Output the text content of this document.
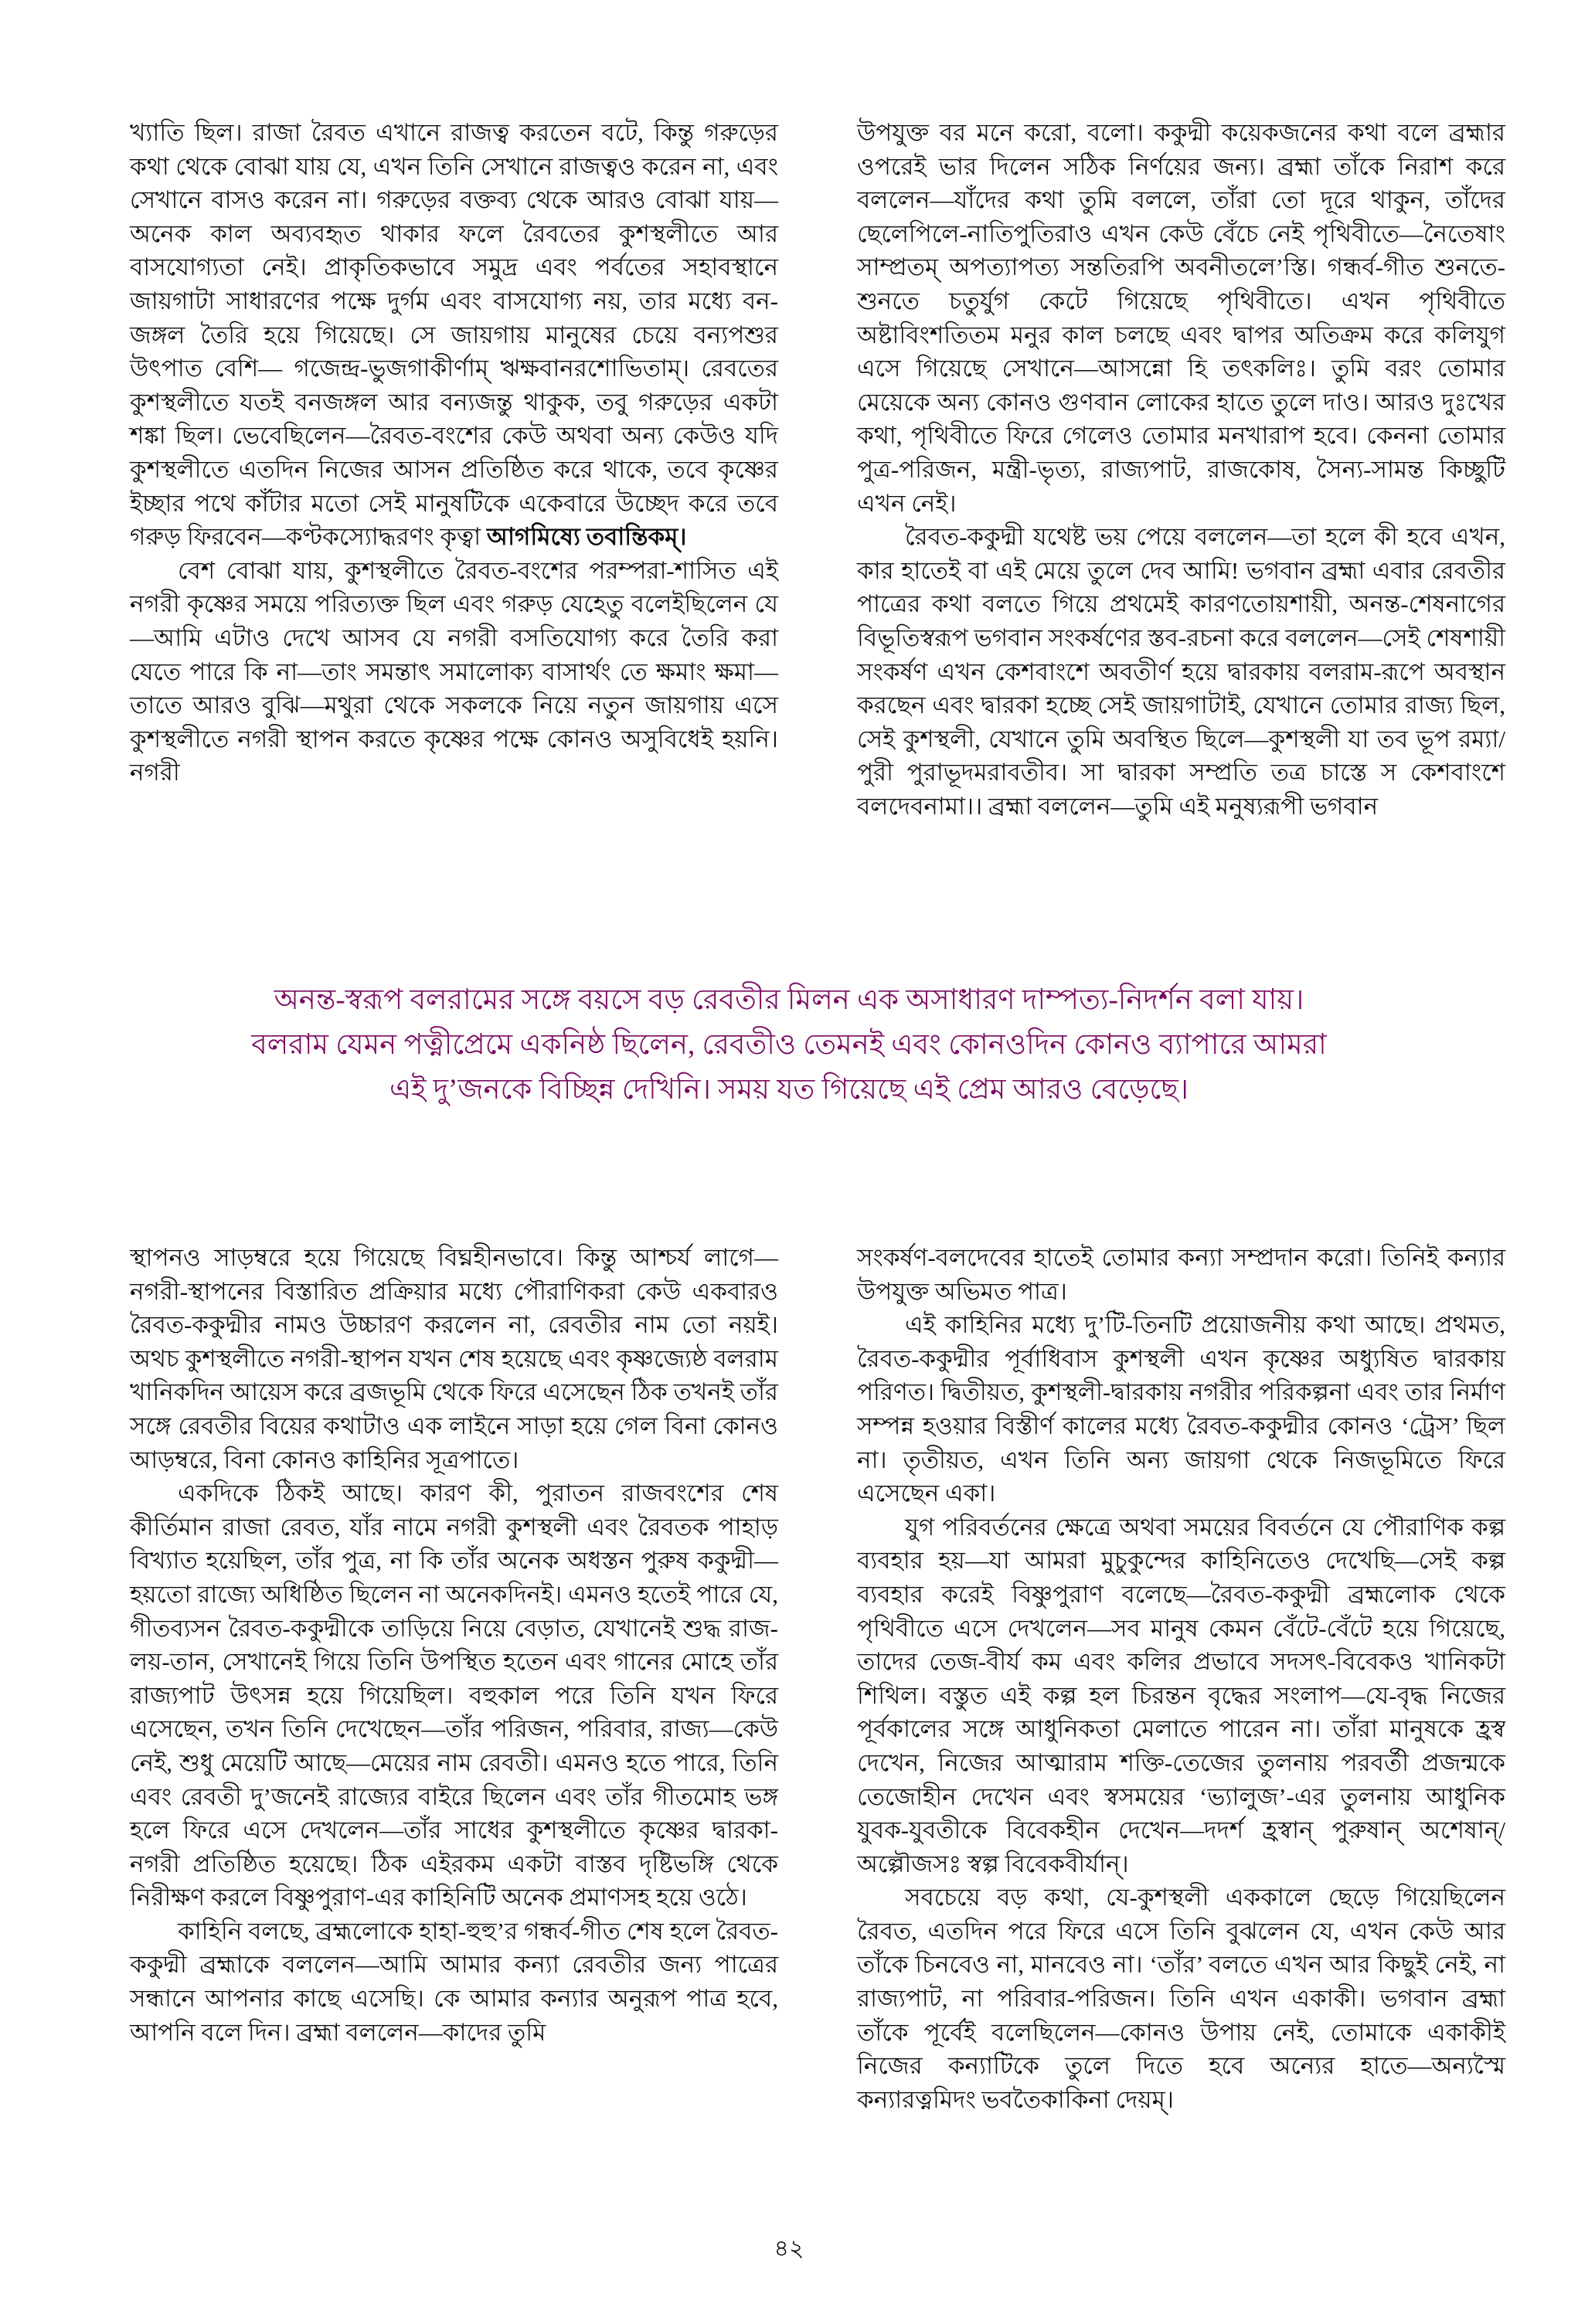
খ্যাতি ছিল। রাজা রৈবত এখানে রাজত্ব করতেন বটে, কিন্তু গরুড়ের কথা থেকে বোঝা যায় যে, এখন তিনি সেখানে রাজত্বও করেন না, এবং সেখানে বাসও করেন না। গরুড়ের বক্তব্য থেকে আরও বোঝা যায়—অনেক কাল অব্যবহৃত থাকার ফলে রৈবতের কুশস্থলীতে আর বাসযোগ্যতা নেই। প্রাকৃতিকভাবে সমুদ্র এবং পর্বতের সহাবস্থানে জায়গাটা সাধারণের পক্ষে দুর্গম এবং বাসযোগ্য নয়, তার মধ্যে বন-জঙ্গল তৈরি হয়ে গিয়েছে। সে জায়গায় মানুষের চেয়ে বন্যপশুর উৎপাত বেশি— গজেন্দ্র-ভুজগাকীর্ণাম্ ঋক্ষবানরশোভিতাম্। রেবতের কুশস্থলীতে যতই বনজঙ্গল আর বন্যজন্তু থাকুক, তবু গরুড়ের একটা শঙ্কা ছিল। ভেবেছিলেন—রৈবত-বংশের কেউ অথবা অন্য কেউও যদি কুশস্থলীতে এতদিন নিজের আসন প্রতিষ্ঠিত করে থাকে, তবে কৃষ্ণের ইচ্ছার পথে কাঁটার মতো সেই মানুষটিকে একেবারে উচ্ছেদ করে তবে গরুড় ফিরবেন—কণ্টকস্যোদ্ধরণং কৃত্বা আগমিষ্যে তবান্তিকম্।

বেশ বোঝা যায়, কুশস্থলীতে রৈবত-বংশের পরম্পরা-শাসিত এই নগরী কৃষ্ণের সময়ে পরিত্যক্ত ছিল এবং গরুড় যেহেতু বলেইছিলেন যে—আমি এটাও দেখে আসব যে নগরী বসতিযোগ্য করে তৈরি করা যেতে পারে কি না—তাং সমন্তাৎ সমালোক্য বাসার্থং তে ক্ষমাং ক্ষমা—তাতে আরও বুঝি—মথুরা থেকে সকলকে নিয়ে নতুন জায়গায় এসে কুশস্থলীতে নগরী স্থাপন করতে কৃষ্ণের পক্ষে কোনও অসুবিধেই হয়নি। নগরী

উপযুক্ত বর মনে করো, বলো। ককুদ্মী কয়েকজনের কথা বলে ব্রহ্মার ওপরেই ভার দিলেন সঠিক নির্ণয়ের জন্য। ব্রহ্মা তাঁকে নিরাশ করে বললেন—যাঁদের কথা তুমি বললে, তাঁরা তো দূরে থাকুন, তাঁদের ছেলেপিলে-নাতিপুতিরাও এখন কেউ বেঁচে নেই পৃথিবীতে—নৈতেষাং সাম্প্রতম্ অপত্যাপত্য সন্ততিরপি অবনীতলে’স্তি। গন্ধর্ব-গীত শুনতে-শুনতে চতুর্যুগ কেটে গিয়েছে পৃথিবীতে। এখন পৃথিবীতে অষ্টাবিংশতিতম মনুর কাল চলছে এবং দ্বাপর অতিক্রম করে কলিযুগ এসে গিয়েছে সেখানে—আসন্নো হি তৎকলিঃ। তুমি বরং তোমার মেয়েকে অন্য কোনও গুণবান লোকের হাতে তুলে দাও। আরও দুঃখের কথা, পৃথিবীতে ফিরে গেলেও তোমার মনখারাপ হবে। কেননা তোমার পুত্র-পরিজন, মন্ত্রী-ভৃত্য, রাজ্যপাট, রাজকোষ, সৈন্য-সামন্ত কিচ্ছুটি এখন নেই।

রৈবত-ককুদ্মী যথেষ্ট ভয় পেয়ে বললেন—তা হলে কী হবে এখন, কার হাতেই বা এই মেয়ে তুলে দেব আমি! ভগবান ব্রহ্মা এবার রেবতীর পাত্রের কথা বলতে গিয়ে প্রথমেই কারণতোয়শায়ী, অনন্ত-শেষনাগের বিভূতিস্বরূপ ভগবান সংকর্ষণের স্তব-রচনা করে বললেন—সেই শেষশায়ী সংকর্ষণ এখন কেশবাংশে অবতীর্ণ হয়ে দ্বারকায় বলরাম-রূপে অবস্থান করছেন এবং দ্বারকা হচ্ছে সেই জায়গাটাই, যেখানে তোমার রাজ্য ছিল, সেই কুশস্থলী, যেখানে তুমি অবস্থিত ছিলে—কুশস্থলী যা তব ভূপ রম্যা/পুরী পুরাভূদমরাবতীব। সা দ্বারকা সম্প্রতি তত্র চাস্তে স কেশবাংশে বলদেবনামা।। ব্রহ্মা বললেন—তুমি এই মনুষ্যরূপী ভগবান

অনন্ত-স্বরূপ বলরামের সঙ্গে বয়সে বড় রেবতীর মিলন এক অসাধারণ দাম্পত্য-নিদর্শন বলা যায়।
বলরাম যেমন পত্নীপ্রেমে একনিষ্ঠ ছিলেন, রেবতীও তেমনই এবং কোনওদিন কোনও ব্যাপারে আমরা
এই দু’জনকে বিচ্ছিন্ন দেখিনি। সময় যত গিয়েছে এই প্রেম আরও বেড়েছে।

স্থাপনও সাড়ম্বরে হয়ে গিয়েছে বিঘ্নহীনভাবে। কিন্তু আশ্চর্য লাগে—নগরী-স্থাপনের বিস্তারিত প্রক্রিয়ার মধ্যে পৌরাণিকরা কেউ একবারও রৈবত-ককুদ্মীর নামও উচ্চারণ করলেন না, রেবতীর নাম তো নয়ই। অথচ কুশস্থলীতে নগরী-স্থাপন যখন শেষ হয়েছে এবং কৃষ্ণজ্যেষ্ঠ বলরাম খানিকদিন আয়েস করে ব্রজভূমি থেকে ফিরে এসেছেন ঠিক তখনই তাঁর সঙ্গে রেবতীর বিয়ের কথাটাও এক লাইনে সাড়া হয়ে গেল বিনা কোনও আড়ম্বরে, বিনা কোনও কাহিনির সূত্রপাতে।

একদিকে ঠিকই আছে। কারণ কী, পুরাতন রাজবংশের শেষ কীর্তিমান রাজা রেবত, যাঁর নামে নগরী কুশস্থলী এবং রৈবতক পাহাড় বিখ্যাত হয়েছিল, তাঁর পুত্র, না কি তাঁর অনেক অধস্তন পুরুষ ককুদ্মী—হয়তো রাজ্যে অধিষ্ঠিত ছিলেন না অনেকদিনই। এমনও হতেই পারে যে, গীতব্যসন রৈবত-ককুদ্মীকে তাড়িয়ে নিয়ে বেড়াত, যেখানেই শুদ্ধ রাজ-লয়-তান, সেখানেই গিয়ে তিনি উপস্থিত হতেন এবং গানের মোহে তাঁর রাজ্যপাট উৎসন্ন হয়ে গিয়েছিল। বহুকাল পরে তিনি যখন ফিরে এসেছেন, তখন তিনি দেখেছেন—তাঁর পরিজন, পরিবার, রাজ্য—কেউ নেই, শুধু মেয়েটি আছে—মেয়ের নাম রেবতী। এমনও হতে পারে, তিনি এবং রেবতী দু’জনেই রাজ্যের বাইরে ছিলেন এবং তাঁর গীতমোহ ভঙ্গ হলে ফিরে এসে দেখলেন—তাঁর সাধের কুশস্থলীতে কৃষ্ণের দ্বারকা-নগরী প্রতিষ্ঠিত হয়েছে। ঠিক এইরকম একটা বাস্তব দৃষ্টিভঙ্গি থেকে নিরীক্ষণ করলে বিষ্ণুপুরাণ-এর কাহিনিটি অনেক প্রমাণসহ হয়ে ওঠে।

কাহিনি বলছে, ব্রহ্মলোকে হাহা-হুহু’র গন্ধর্ব-গীত শেষ হলে রৈবত-ককুদ্মী ব্রহ্মাকে বললেন—আমি আমার কন্যা রেবতীর জন্য পাত্রের সন্ধানে আপনার কাছে এসেছি। কে আমার কন্যার অনুরূপ পাত্র হবে, আপনি বলে দিন। ব্রহ্মা বললেন—কাদের তুমি

সংকর্ষণ-বলদেবের হাতেই তোমার কন্যা সম্প্রদান করো। তিনিই কন্যার উপযুক্ত অভিমত পাত্র।

এই কাহিনির মধ্যে দু’টি-তিনটি প্রয়োজনীয় কথা আছে। প্রথমত, রৈবত-ককুদ্মীর পূর্বাধিবাস কুশস্থলী এখন কৃষ্ণের অধ্যুষিত দ্বারকায় পরিণত। দ্বিতীয়ত, কুশস্থলী-দ্বারকায় নগরীর পরিকল্পনা এবং তার নির্মাণ সম্পন্ন হওয়ার বিস্তীর্ণ কালের মধ্যে রৈবত-ককুদ্মীর কোনও ‘ট্রেস’ ছিল না। তৃতীয়ত, এখন তিনি অন্য জায়গা থেকে নিজভূমিতে ফিরে এসেছেন একা।

যুগ পরিবর্তনের ক্ষেত্রে অথবা সময়ের বিবর্তনে যে পৌরাণিক কল্প ব্যবহার হয়—যা আমরা মুচুকুন্দের কাহিনিতেও দেখেছি—সেই কল্প ব্যবহার করেই বিষ্ণুপুরাণ বলেছে—রৈবত-ককুদ্মী ব্রহ্মলোক থেকে পৃথিবীতে এসে দেখলেন—সব মানুষ কেমন বেঁটে-বেঁটে হয়ে গিয়েছে, তাদের তেজ-বীর্য কম এবং কলির প্রভাবে সদসৎ-বিবেকও খানিকটা শিথিল। বস্তুত এই কল্প হল চিরন্তন বৃদ্ধের সংলাপ—যে-বৃদ্ধ নিজের পূর্বকালের সঙ্গে আধুনিকতা মেলাতে পারেন না। তাঁরা মানুষকে হ্রস্ব দেখেন, নিজের আত্মারাম শক্তি-তেজের তুলনায় পরবর্তী প্রজন্মকে তেজোহীন দেখেন এবং স্বসময়ের ‘ভ্যালুজ’-এর তুলনায় আধুনিক যুবক-যুবতীকে বিবেকহীন দেখেন—দদর্শ হ্রস্বান্ পুরুষান্ অশেষান্/অল্পৌজসঃ স্বল্প বিবেকবীর্যান্।

সবচেয়ে বড় কথা, যে-কুশস্থলী এককালে ছেড়ে গিয়েছিলেন রৈবত, এতদিন পরে ফিরে এসে তিনি বুঝলেন যে, এখন কেউ আর তাঁকে চিনবেও না, মানবেও না। ‘তাঁর’ বলতে এখন আর কিছুই নেই, না রাজ্যপাট, না পরিবার-পরিজন। তিনি এখন একাকী। ভগবান ব্রহ্মা তাঁকে পূর্বেই বলেছিলেন—কোনও উপায় নেই, তোমাকে একাকীই নিজের কন্যাটিকে তুলে দিতে হবে অন্যের হাতে—অন্যস্মৈ কন্যারত্নমিদং ভবতৈকাকিনা দেয়ম্।

৪২
